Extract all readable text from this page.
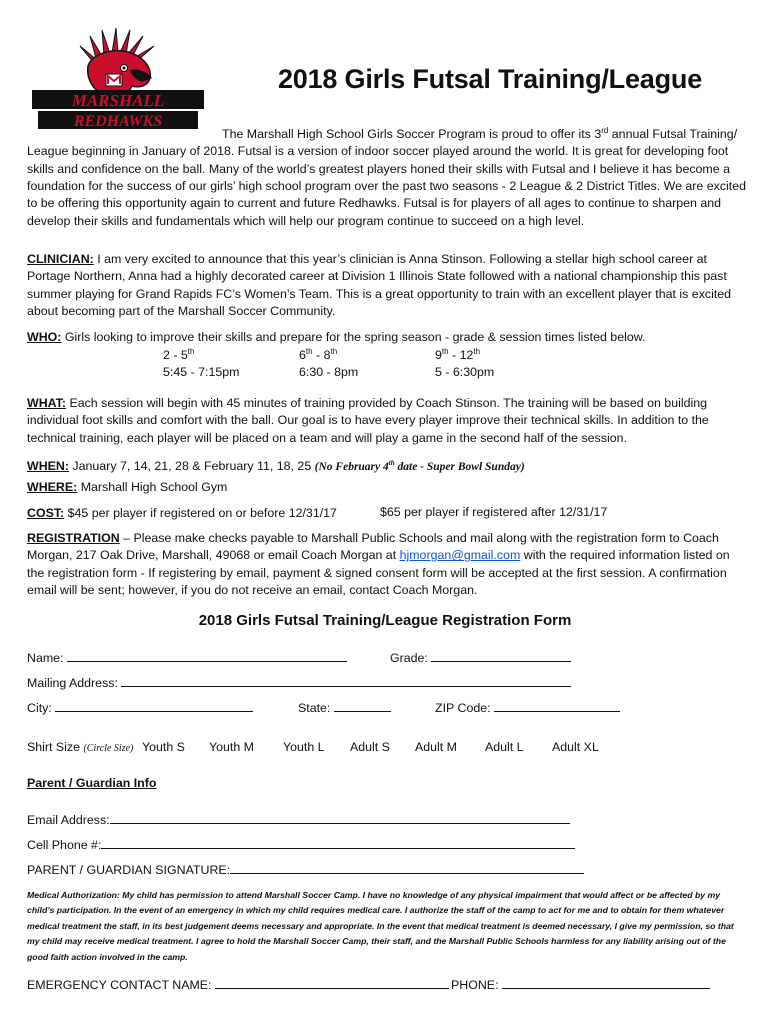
MARSHALL
REDHAWKS
2018 Girls Futsal Training/League
The Marshall High School Girls Soccer Program is proud to offer its 3rd annual Futsal Training/ League beginning in January of 2018. Futsal is a version of indoor soccer played around the world. It is great for developing foot skills and confidence on the ball. Many of the world’s greatest players honed their skills with Futsal and I believe it has become a foundation for the success of our girls’ high school program over the past two seasons - 2 League & 2 District Titles. We are excited to be offering this opportunity again to current and future Redhawks. Futsal is for players of all ages to continue to sharpen and develop their skills and fundamentals which will help our program continue to succeed on a high level.
CLINICIAN: I am very excited to announce that this year’s clinician is Anna Stinson. Following a stellar high school career at Portage Northern, Anna had a highly decorated career at Division 1 Illinois State followed with a national championship this past summer playing for Grand Rapids FC’s Women’s Team. This is a great opportunity to train with an excellent player that is excited about becoming part of the Marshall Soccer Community.
WHO: Girls looking to improve their skills and prepare for the spring season - grade & session times listed below.
2 - 5th	6th - 8th	9th - 12th
5:45 - 7:15pm	6:30 - 8pm	5 - 6:30pm
WHAT: Each session will begin with 45 minutes of training provided by Coach Stinson. The training will be based on building individual foot skills and comfort with the ball. Our goal is to have every player improve their technical skills. In addition to the technical training, each player will be placed on a team and will play a game in the second half of the session.
WHEN: January 7, 14, 21, 28 & February 11, 18, 25 (No February 4th date - Super Bowl Sunday)
WHERE: Marshall High School Gym
COST: $45 per player if registered on or before 12/31/17	$65 per player if registered after 12/31/17
REGISTRATION – Please make checks payable to Marshall Public Schools and mail along with the registration form to Coach Morgan, 217 Oak Drive, Marshall, 49068 or email Coach Morgan at hjmorgan@gmail.com with the required information listed on the registration form - If registering by email, payment & signed consent form will be accepted at the first session. A confirmation email will be sent; however, if you do not receive an email, contact Coach Morgan.
2018 Girls Futsal Training/League Registration Form
Name:	Grade:
Mailing Address:
City:	State:	ZIP Code:
Shirt Size (Circle Size) Youth S Youth M Youth L Adult S Adult M Adult L Adult XL
Parent / Guardian Info
Email Address:
Cell Phone #:
PARENT / GUARDIAN SIGNATURE:
Medical Authorization: My child has permission to attend Marshall Soccer Camp. I have no knowledge of any physical impairment that would affect or be affected by my child’s participation. In the event of an emergency in which my child requires medical care. I authorize the staff of the camp to act for me and to obtain for them whatever medical treatment the staff, in its best judgement deems necessary and appropriate. In the event that medical treatment is deemed necessary, I give my permission, so that my child may receive medical treatment. I agree to hold the Marshall Soccer Camp, their staff, and the Marshall Public Schools harmless for any liability arising out of the good faith action involved in the camp.
EMERGENCY CONTACT NAME:	PHONE:
